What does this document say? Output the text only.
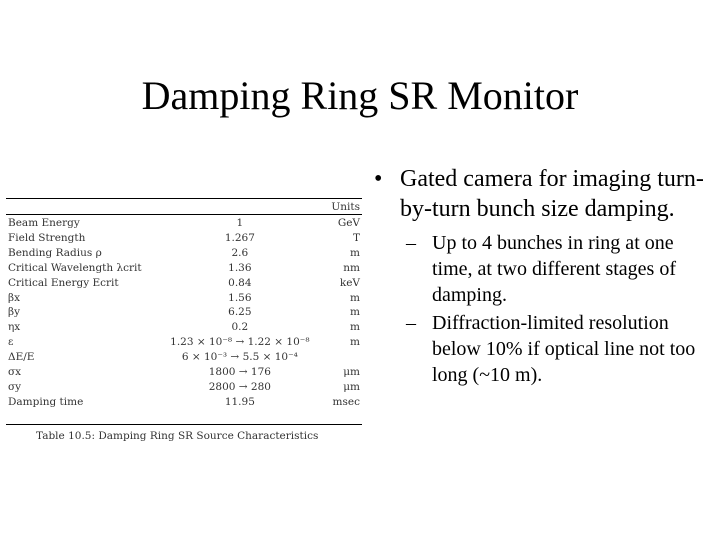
Damping Ring SR Monitor
		Units
Beam Energy	1	GeV
Field Strength	1.267	T
Bending Radius ρ	2.6	m
Critical Wavelength λcrit	1.36	nm
Critical Energy Ecrit	0.84	keV
βx	1.56	m
βy	6.25	m
ηx	0.2	m
ε	1.23 × 10⁻⁸ → 1.22 × 10⁻⁸	m
ΔE/E	6 × 10⁻³ → 5.5 × 10⁻⁴	
σx	1800 → 176	μm
σy	2800 → 280	μm
Damping time	11.95	msec
Table 10.5: Damping Ring SR Source Characteristics
• Gated camera for imaging turn-by-turn bunch size damping.
– Up to 4 bunches in ring at one time, at two different stages of damping.
– Diffraction-limited resolution below 10% if optical line not too long (~10 m).
